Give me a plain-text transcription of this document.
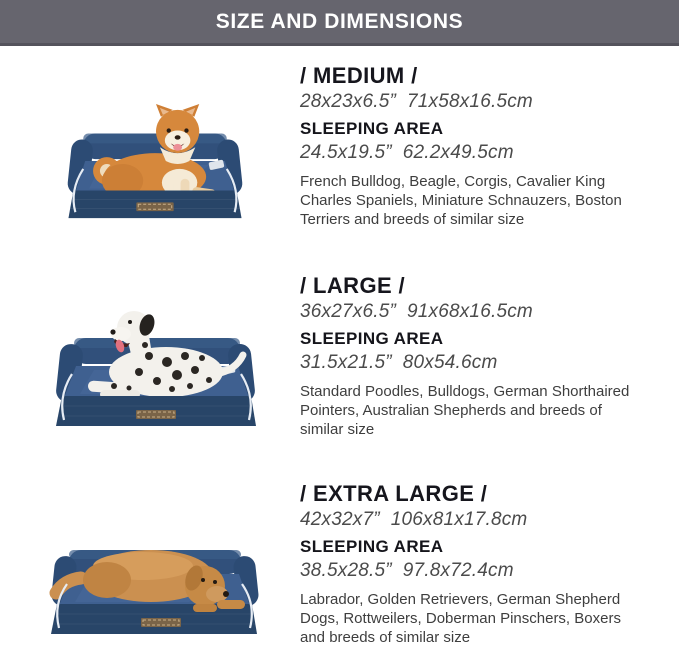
SIZE AND DIMENSIONS
/ MEDIUM /

28x23x6.5”  71x58x16.5cm

SLEEPING AREA

24.5x19.5”  62.2x49.5cm

French Bulldog, Beagle, Corgis, Cavalier King Charles Spaniels, Miniature Schnauzers, Boston Terriers and breeds of similar size

/ LARGE /

36x27x6.5”  91x68x16.5cm

SLEEPING AREA

31.5x21.5”  80x54.6cm

Standard Poodles, Bulldogs, German Shorthaired Pointers, Australian Shepherds and breeds of similar size

/ EXTRA LARGE /

42x32x7”  106x81x17.8cm

SLEEPING AREA

38.5x28.5”  97.8x72.4cm

Labrador, Golden Retrievers, German Shepherd Dogs, Rottweilers, Doberman Pinschers, Boxers and breeds of similar size
